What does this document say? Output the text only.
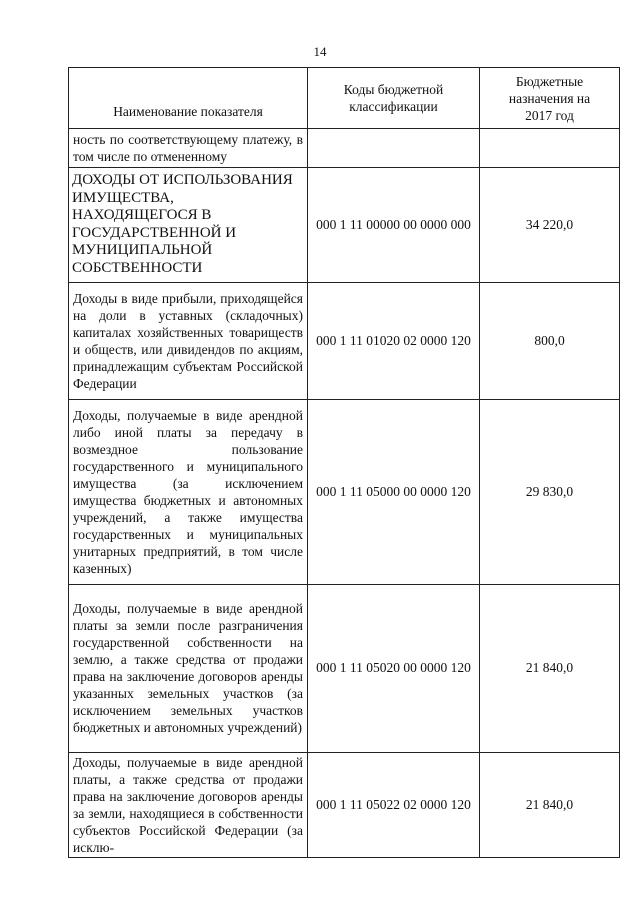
14
Наименование показателя	Коды бюджетной классификации	Бюджетные назначения на 2017 год
ность по соответствующему платежу, в том числе по отмененному		
ДОХОДЫ ОТ ИСПОЛЬЗОВАНИЯ ИМУЩЕСТВА, НАХОДЯЩЕГОСЯ В ГОСУДАРСТВЕННОЙ И МУНИЦИПАЛЬНОЙ СОБСТВЕННОСТИ	000 1 11 00000 00 0000 000	34 220,0
Доходы в виде прибыли, приходящейся на доли в уставных (складочных) капиталах хозяйственных товариществ и обществ, или дивидендов по акциям, принадлежащим субъектам Российской Федерации	000 1 11 01020 02 0000 120	800,0
Доходы, получаемые в виде арендной либо иной платы за передачу в возмездное пользование государственного и муниципального имущества (за исключением имущества бюджетных и автономных учреждений, а также имущества государственных и муниципальных унитарных предприятий, в том числе казенных)	000 1 11 05000 00 0000 120	29 830,0
Доходы, получаемые в виде арендной платы за земли после разграничения государственной собственности на землю, а также средства от продажи права на заключение договоров аренды указанных земельных участков (за исключением земельных участков бюджетных и автономных учреждений)	000 1 11 05020 00 0000 120	21 840,0
Доходы, получаемые в виде арендной платы, а также средства от продажи права на заключение договоров аренды за земли, находящиеся в собственности субъектов Российской Федерации (за исклю-	000 1 11 05022 02 0000 120	21 840,0
